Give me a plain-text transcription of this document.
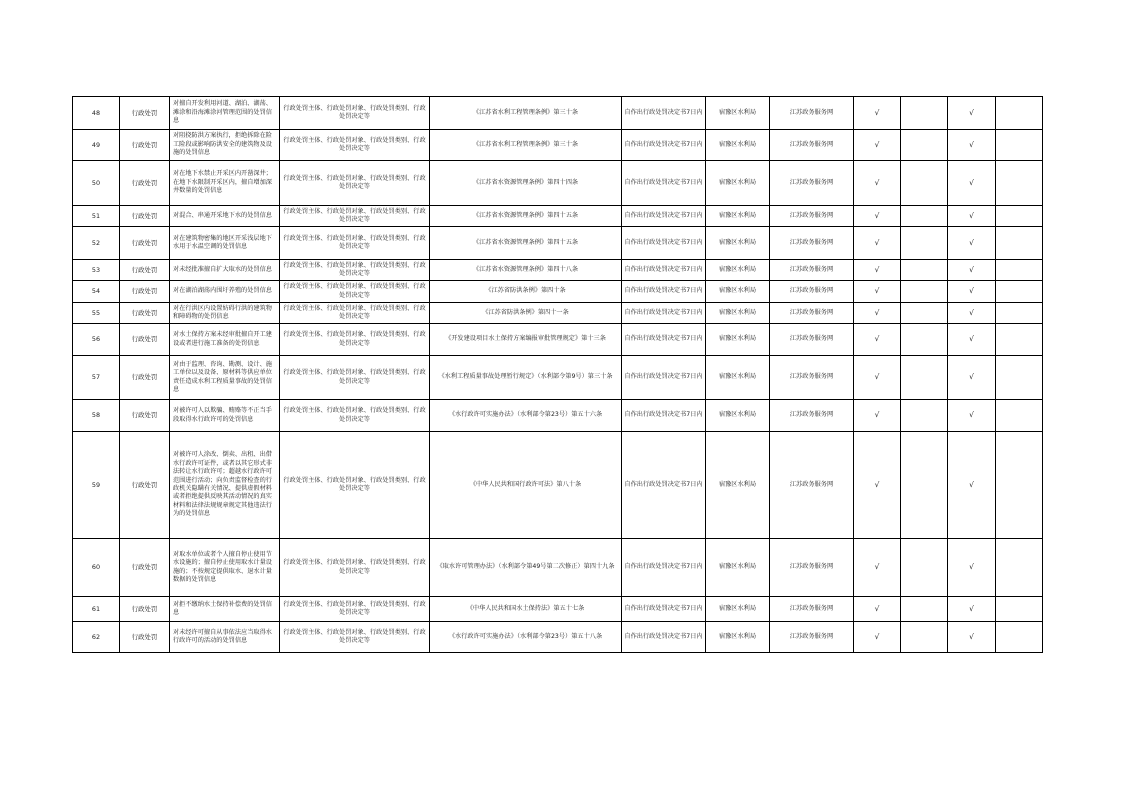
48	行政处罚	对擅自开发利用河道、湖泊、湖荡、滩涂和沿海滩涂河管理范围的处罚信息	行政处罚主体、行政处罚对象、行政处罚类别、行政处罚决定等	《江苏省水利工程管理条例》第三十条	自作出行政处罚决定书7日内	宿豫区水利局	江苏政务服务网	√		√	
49	行政处罚	对阻挠防洪方案执行，拒绝拆除在险工险段或影响防洪安全的建筑物及设施的处罚信息	行政处罚主体、行政处罚对象、行政处罚类别、行政处罚决定等	《江苏省水利工程管理条例》第三十条	自作出行政处罚决定书7日内	宿豫区水利局	江苏政务服务网	√		√	
50	行政处罚	对在地下水禁止开采区内开凿深井；在地下水限制开采区内，擅自增加深井数量的处罚信息	行政处罚主体、行政处罚对象、行政处罚类别、行政处罚决定等	《江苏省水资源管理条例》第四十四条	自作出行政处罚决定书7日内	宿豫区水利局	江苏政务服务网	√		√	
51	行政处罚	对混合、串通开采地下水的处罚信息	行政处罚主体、行政处罚对象、行政处罚类别、行政处罚决定等	《江苏省水资源管理条例》第四十五条	自作出行政处罚决定书7日内	宿豫区水利局	江苏政务服务网	√		√	
52	行政处罚	对在建筑物密集的地区开采浅层地下水用于水温空调的处罚信息	行政处罚主体、行政处罚对象、行政处罚类别、行政处罚决定等	《江苏省水资源管理条例》第四十五条	自作出行政处罚决定书7日内	宿豫区水利局	江苏政务服务网	√		√	
53	行政处罚	对未经批准擅自扩大取水的处罚信息	行政处罚主体、行政处罚对象、行政处罚类别、行政处罚决定等	《江苏省水资源管理条例》第四十八条	自作出行政处罚决定书7日内	宿豫区水利局	江苏政务服务网	√		√	
54	行政处罚	对在湖泊湖荡内围圩养殖的处罚信息	行政处罚主体、行政处罚对象、行政处罚类别、行政处罚决定等	《江苏省防洪条例》第四十条	自作出行政处罚决定书7日内	宿豫区水利局	江苏政务服务网	√		√	
55	行政处罚	对在行洪区内设置妨碍行洪的建筑物和障碍物的处罚信息	行政处罚主体、行政处罚对象、行政处罚类别、行政处罚决定等	《江苏省防洪条例》第四十一条	自作出行政处罚决定书7日内	宿豫区水利局	江苏政务服务网	√		√	
56	行政处罚	对水土保持方案未经审批擅自开工建设或者进行施工准备的处罚信息	行政处罚主体、行政处罚对象、行政处罚类别、行政处罚决定等	《开发建设项目水土保持方案编报审批管理规定》第十三条	自作出行政处罚决定书7日内	宿豫区水利局	江苏政务服务网	√		√	
57	行政处罚	对由于监理、咨询、勘测、设计、施工单位以及设备、原材料等供应单位责任造成水利工程质量事故的处罚信息	行政处罚主体、行政处罚对象、行政处罚类别、行政处罚决定等	《水利工程质量事故处理暂行规定》（水利部令第9号）第三十条	自作出行政处罚决定书7日内	宿豫区水利局	江苏政务服务网	√		√	
58	行政处罚	对被许可人以欺骗、贿赂等不正当手段取得水行政许可的处罚信息	行政处罚主体、行政处罚对象、行政处罚类别、行政处罚决定等	《水行政许可实施办法》（水利部令第23号）第五十六条	自作出行政处罚决定书7日内	宿豫区水利局	江苏政务服务网	√		√	
59	行政处罚	对被许可人涂改、倒卖、出租、出借水行政许可证件，或者以其它形式非法转让水行政许可；超越水行政许可范围进行活动；向负责监督检查的行政机关隐瞒有关情况、提供虚假材料或者拒绝提供反映其活动情况的真实材料和法律法规规章规定其他违法行为的处罚信息	行政处罚主体、行政处罚对象、行政处罚类别、行政处罚决定等	《中华人民共和国行政许可法》第八十条	自作出行政处罚决定书7日内	宿豫区水利局	江苏政务服务网	√		√	
60	行政处罚	对取水单位或者个人擅自停止使用节水设施的；擅自停止使用取水计量设施的；不按规定提供取水、退水计量数据的处罚信息	行政处罚主体、行政处罚对象、行政处罚类别、行政处罚决定等	《取水许可管理办法》（水利部令第49号第二次修正）第四十九条	自作出行政处罚决定书7日内	宿豫区水利局	江苏政务服务网	√		√	
61	行政处罚	对拒不缴纳水土保持补偿费的处罚信息	行政处罚主体、行政处罚对象、行政处罚类别、行政处罚决定等	《中华人民共和国水土保持法》第五十七条	自作出行政处罚决定书7日内	宿豫区水利局	江苏政务服务网	√		√	
62	行政处罚	对未经许可擅自从事依法应当取得水行政许可的活动的处罚信息	行政处罚主体、行政处罚对象、行政处罚类别、行政处罚决定等	《水行政许可实施办法》（水利部令第23号）第五十八条	自作出行政处罚决定书7日内	宿豫区水利局	江苏政务服务网	√		√	
